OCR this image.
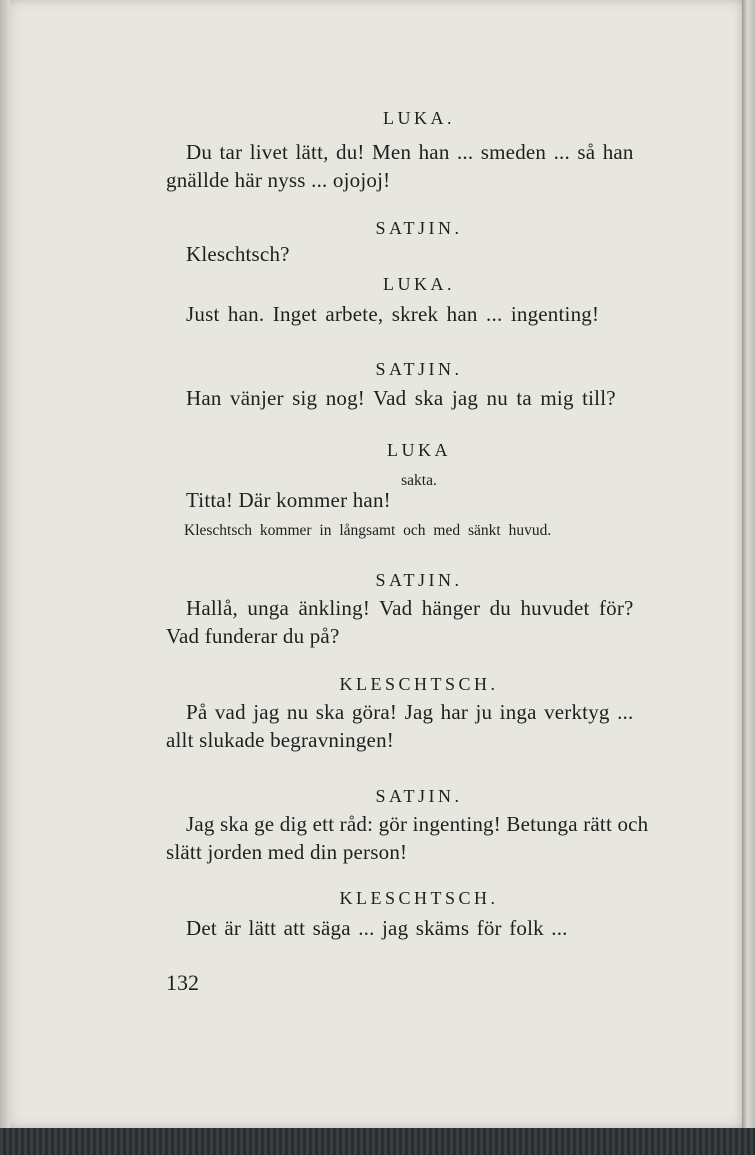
LUKA.
Du tar livet lätt, du! Men han ... smeden ... så han
gnällde här nyss ... ojojoj!
SATJIN.
Kleschtsch?
LUKA.
Just han. Inget arbete, skrek han ... ingenting!
SATJIN.
Han vänjer sig nog! Vad ska jag nu ta mig till?
LUKA
sakta.
Titta! Där kommer han!
Kleschtsch kommer in långsamt och med sänkt huvud.
SATJIN.
Hallå, unga änkling! Vad hänger du huvudet för?
Vad funderar du på?
KLESCHTSCH.
På vad jag nu ska göra! Jag har ju inga verktyg ...
allt slukade begravningen!
SATJIN.
Jag ska ge dig ett råd: gör ingenting! Betunga rätt och
slätt jorden med din person!
KLESCHTSCH.
Det är lätt att säga ... jag skäms för folk ...
132
